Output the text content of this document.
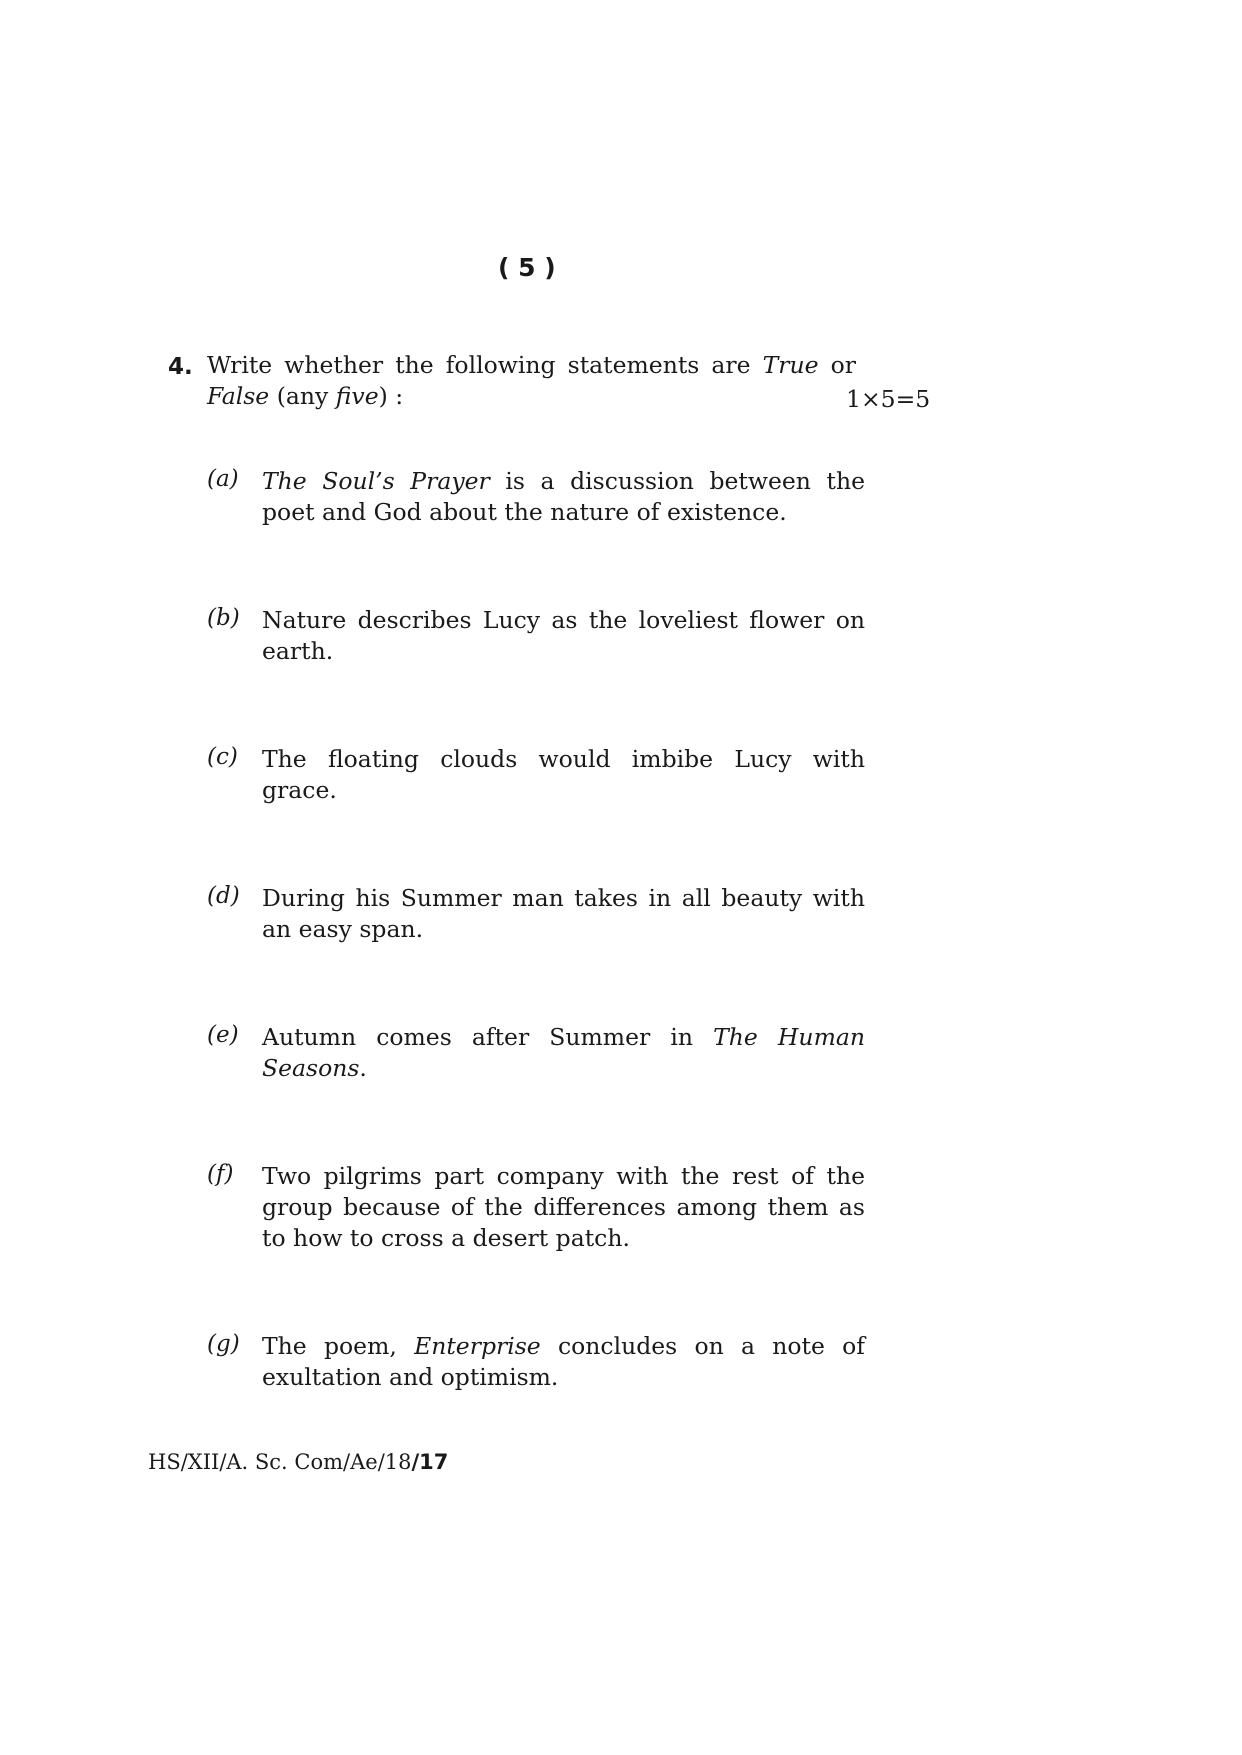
( 5 )
4. Write whether the following statements are True or
False (any five) :	1×5=5
(a) The Soul’s Prayer is a discussion between the
poet and God about the nature of existence.
(b) Nature describes Lucy as the loveliest flower on
earth.
(c) The floating clouds would imbibe Lucy with
grace.
(d) During his Summer man takes in all beauty with
an easy span.
(e) Autumn comes after Summer in The Human
Seasons.
(f) Two pilgrims part company with the rest of the
group because of the differences among them as
to how to cross a desert patch.
(g) The poem, Enterprise concludes on a note of
exultation and optimism.
HS/XII/A. Sc. Com/Ae/18/17
